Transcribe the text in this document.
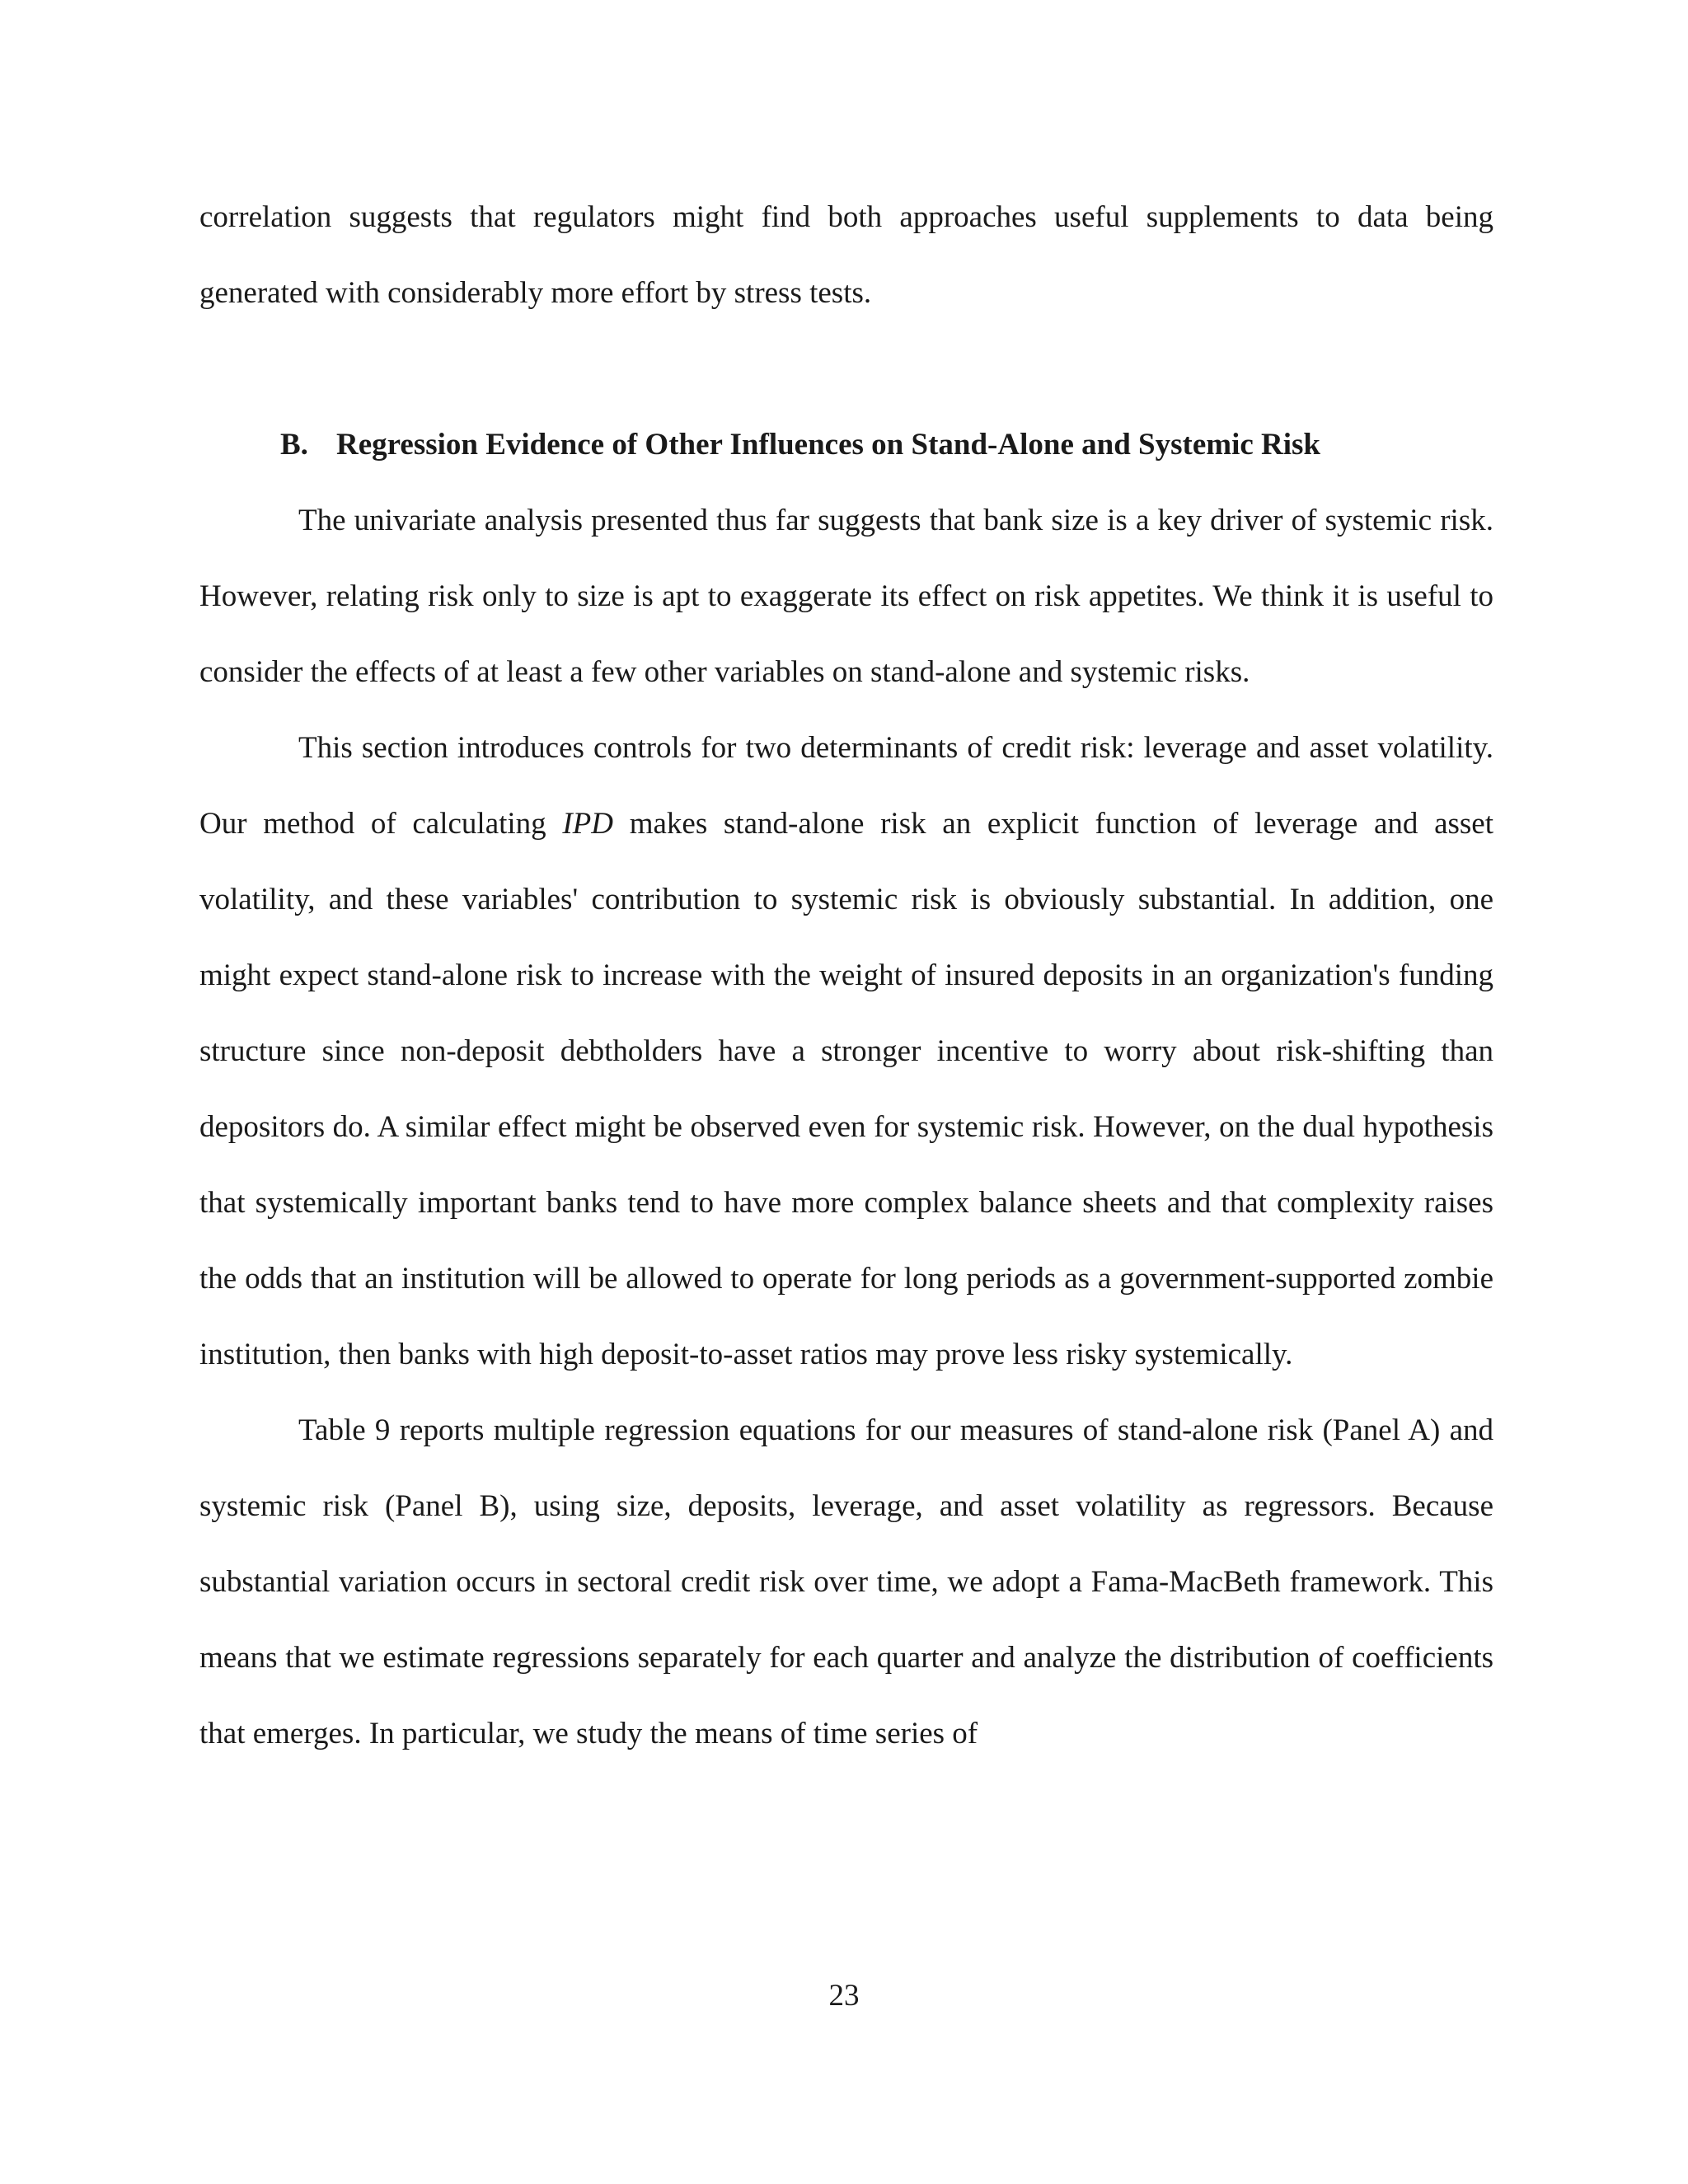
correlation suggests that regulators might find both approaches useful supplements to data being generated with considerably more effort by stress tests.
B. Regression Evidence of Other Influences on Stand-Alone and Systemic Risk

The univariate analysis presented thus far suggests that bank size is a key driver of systemic risk. However, relating risk only to size is apt to exaggerate its effect on risk appetites. We think it is useful to consider the effects of at least a few other variables on stand-alone and systemic risks.

This section introduces controls for two determinants of credit risk: leverage and asset volatility. Our method of calculating IPD makes stand-alone risk an explicit function of leverage and asset volatility, and these variables' contribution to systemic risk is obviously substantial. In addition, one might expect stand-alone risk to increase with the weight of insured deposits in an organization's funding structure since non-deposit debtholders have a stronger incentive to worry about risk-shifting than depositors do. A similar effect might be observed even for systemic risk. However, on the dual hypothesis that systemically important banks tend to have more complex balance sheets and that complexity raises the odds that an institution will be allowed to operate for long periods as a government-supported zombie institution, then banks with high deposit-to-asset ratios may prove less risky systemically.

Table 9 reports multiple regression equations for our measures of stand-alone risk (Panel A) and systemic risk (Panel B), using size, deposits, leverage, and asset volatility as regressors. Because substantial variation occurs in sectoral credit risk over time, we adopt a Fama-MacBeth framework. This means that we estimate regressions separately for each quarter and analyze the distribution of coefficients that emerges. In particular, we study the means of time series of

23
